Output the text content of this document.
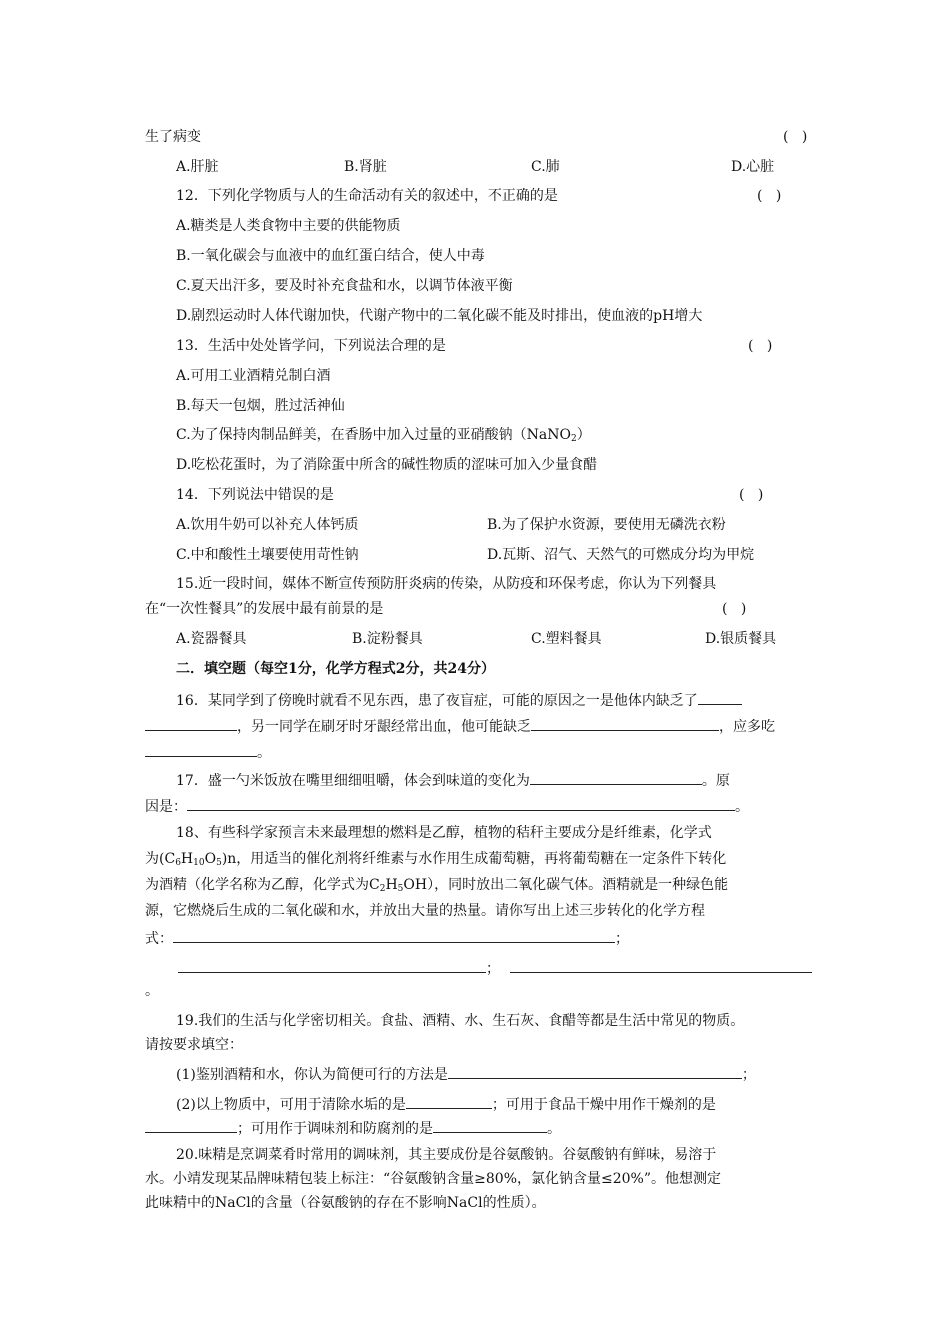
生了病变	(   )
A.肝脏	B.肾脏	C.肺	D.心脏
12．下列化学物质与人的生命活动有关的叙述中，不正确的是	(   )
A.糖类是人类食物中主要的供能物质
B.一氧化碳会与血液中的血红蛋白结合，使人中毒
C.夏天出汗多，要及时补充食盐和水，以调节体液平衡
D.剧烈运动时人体代谢加快，代谢产物中的二氧化碳不能及时排出，使血液的pH增大
13．生活中处处皆学问，下列说法合理的是	(   )
A.可用工业酒精兑制白酒
B.每天一包烟，胜过活神仙
C.为了保持肉制品鲜美，在香肠中加入过量的亚硝酸钠（NaNO$_2$）
D.吃松花蛋时，为了消除蛋中所含的碱性物质的涩味可加入少量食醋
14．下列说法中错误的是	(   )
A.饮用牛奶可以补充人体钙质	B.为了保护水资源，要使用无磷洗衣粉
C.中和酸性土壤要使用苛性钠	D.瓦斯、沼气、天然气的可燃成分均为甲烷
15.近一段时间，媒体不断宣传预防肝炎病的传染，从防疫和环保考虑，你认为下列餐具
在“一次性餐具”的发展中最有前景的是	(   )
A.瓷器餐具	B.淀粉餐具	C.塑料餐具	D.银质餐具
二．填空题（每空1分，化学方程式2分，共24分）
16．某同学到了傍晚时就看不见东西，患了夜盲症，可能的原因之一是他体内缺乏了
，另一同学在刷牙时牙龈经常出血，他可能缺乏	，应多吃
。
17．盛一勺米饭放在嘴里细细咀嚼，体会到味道的变化为	。原
因是：	。
18、有些科学家预言未来最理想的燃料是乙醇，植物的秸秆主要成分是纤维素，化学式
为$(C_6H_{10}O_5)n$，用适当的催化剂将纤维素与水作用生成葡萄糖，再将葡萄糖在一定条件下转化
为酒精（化学名称为乙醇，化学式为$C_2H_5OH$），同时放出二氧化碳气体。酒精就是一种绿色能
源，它燃烧后生成的二氧化碳和水，并放出大量的热量。请你写出上述三步转化的化学方程
式：	；
；
。
19.我们的生活与化学密切相关。食盐、酒精、水、生石灰、食醋等都是生活中常见的物质。
请按要求填空：
(1)鉴别酒精和水，你认为简便可行的方法是	；
(2)以上物质中，可用于清除水垢的是	；可用于食品干燥中用作干燥剂的是
；可用作于调味剂和防腐剂的是	。
20.味精是烹调菜肴时常用的调味剂，其主要成份是谷氨酸钠。谷氨酸钠有鲜味，易溶于
水。小靖发现某品牌味精包装上标注：“谷氨酸钠含量≥80%，氯化钠含量≤20%”。他想测定
此味精中的NaCl的含量（谷氨酸钠的存在不影响NaCl的性质）。
